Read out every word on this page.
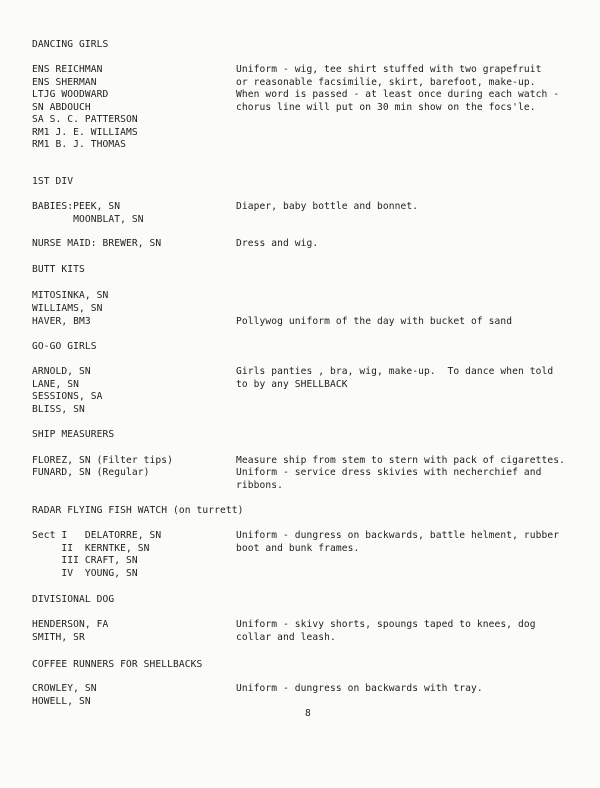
DANCING GIRLS
ENS REICHMAN
ENS SHERMAN
LTJG WOODWARD
SN ABDOUCH
SA S. C. PATTERSON
RM1 J. E. WILLIAMS
RM1 B. J. THOMAS
Uniform - wig, tee shirt stuffed with two grapefruit
or reasonable facsimilie, skirt, barefoot, make-up.
When word is passed - at least once during each watch -
chorus line will put on 30 min show on the focs'le.
1ST DIV
BABIES:PEEK, SN
MOONBLAT, SN
Diaper, baby bottle and bonnet.
NURSE MAID: BREWER, SN	Dress and wig.
BUTT KITS
MITOSINKA, SN
WILLIAMS, SN
HAVER, BM3	Pollywog uniform of the day with bucket of sand
GO-GO GIRLS
ARNOLD, SN
LANE, SN
SESSIONS, SA
BLISS, SN
Girls panties , bra, wig, make-up.  To dance when told
to by any SHELLBACK
SHIP MEASURERS
FLOREZ, SN (Filter tips)
FUNARD, SN (Regular)
Measure ship from stem to stern with pack of cigarettes.
Uniform - service dress skivies with necherchief and
ribbons.
RADAR FLYING FISH WATCH (on turrett)
Sect I   DELATORRE, SN
II  KERNTKE, SN
III CRAFT, SN
IV  YOUNG, SN
Uniform - dungress on backwards, battle helment, rubber
boot and bunk frames.
DIVISIONAL DOG
HENDERSON, FA
SMITH, SR
Uniform - skivy shorts, spoungs taped to knees, dog
collar and leash.
COFFEE RUNNERS FOR SHELLBACKS
CROWLEY, SN
HOWELL, SN
Uniform - dungress on backwards with tray.
8
